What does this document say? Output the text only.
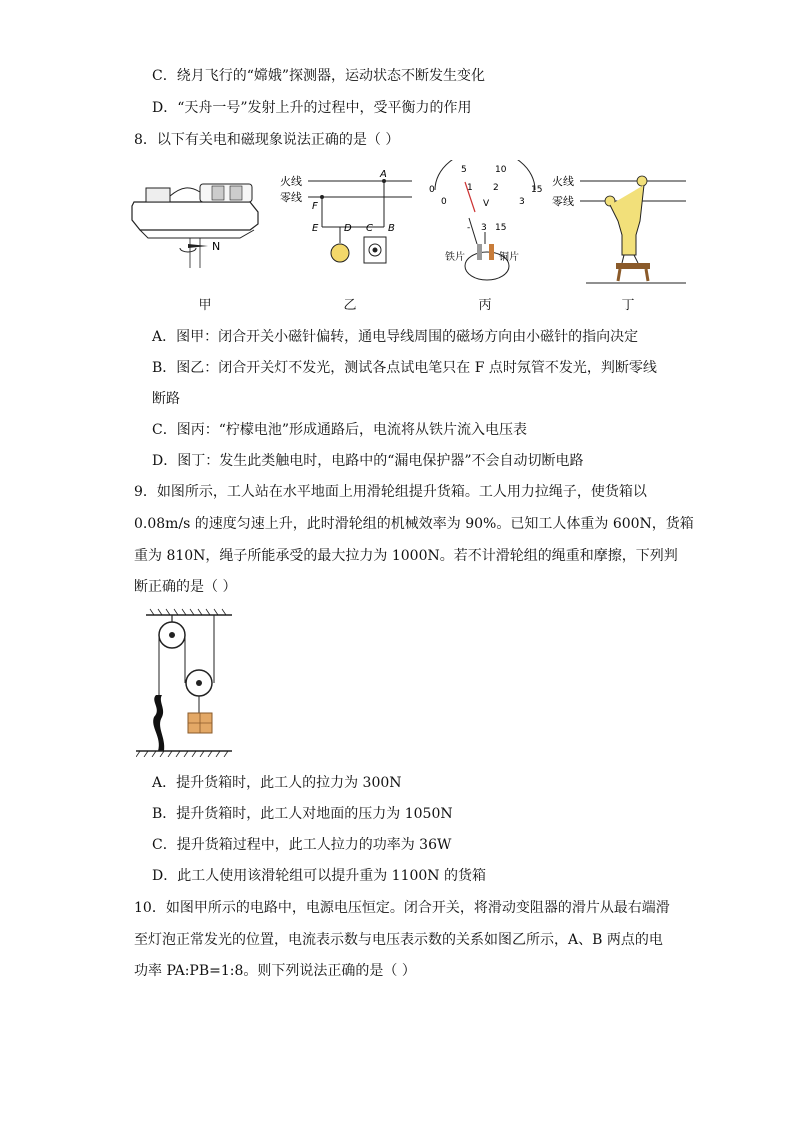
C．绕月飞行的“嫦娥”探测器，运动状态不断发生变化
D．“天舟一号”发射上升的过程中，受平衡力的作用
8．以下有关电和磁现象说法正确的是（ ）
N
甲
火线
零线
A
F
E	D C B
乙
5	10
0	15
0
1 2
3
V
- 3 15
铁片	铜片
丙
火线
零线
丁
A．图甲：闭合开关小磁针偏转，通电导线周围的磁场方向由小磁针的指向决定
B．图乙：闭合开关灯不发光，测试各点试电笔只在 F 点时氖管不发光，判断零线
断路
C．图丙：“柠檬电池”形成通路后，电流将从铁片流入电压表
D．图丁：发生此类触电时，电路中的“漏电保护器”不会自动切断电路
9．如图所示，工人站在水平地面上用滑轮组提升货箱。工人用力拉绳子，使货箱以
0.08m/s 的速度匀速上升，此时滑轮组的机械效率为 90%。已知工人体重为 600N，货箱
重为 810N，绳子所能承受的最大拉力为 1000N。若不计滑轮组的绳重和摩擦，下列判
断正确的是（ ）
A．提升货箱时，此工人的拉力为 300N
B．提升货箱时，此工人对地面的压力为 1050N
C．提升货箱过程中，此工人拉力的功率为 36W
D．此工人使用该滑轮组可以提升重为 1100N 的货箱
10．如图甲所示的电路中，电源电压恒定。闭合开关，将滑动变阻器的滑片从最右端滑
至灯泡正常发光的位置，电流表示数与电压表示数的关系如图乙所示，A、B 两点的电
功率 PA:PB=1:8。则下列说法正确的是（ ）
